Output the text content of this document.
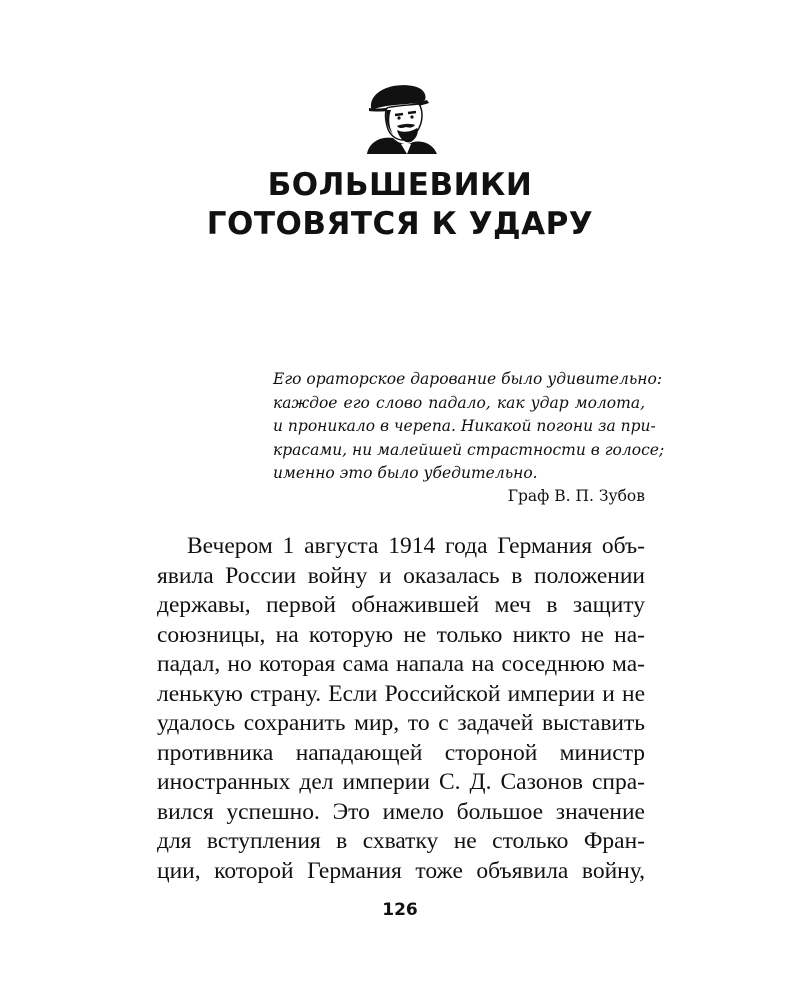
БОЛЬШЕВИКИ
ГОТОВЯТСЯ К УДАРУ
Его ораторское дарование было удивительно:
каждое его слово падало, как удар молота,
и проникало в черепа. Никакой погони за при-
красами, ни малейшей страстности в голосе;
именно это было убедительно.
Граф В. П. Зубов
Вечером 1 августа 1914 года Германия объ-
явила России войну и оказалась в положении
державы, первой обнажившей меч в защиту
союзницы, на которую не только никто не на-
падал, но которая сама напала на соседнюю ма-
ленькую страну. Если Российской империи и не
удалось сохранить мир, то с задачей выставить
противника нападающей стороной министр
иностранных дел империи С. Д. Сазонов спра-
вился успешно. Это имело большое значение
для вступления в схватку не столько Фран-
ции, которой Германия тоже объявила войну,
126
